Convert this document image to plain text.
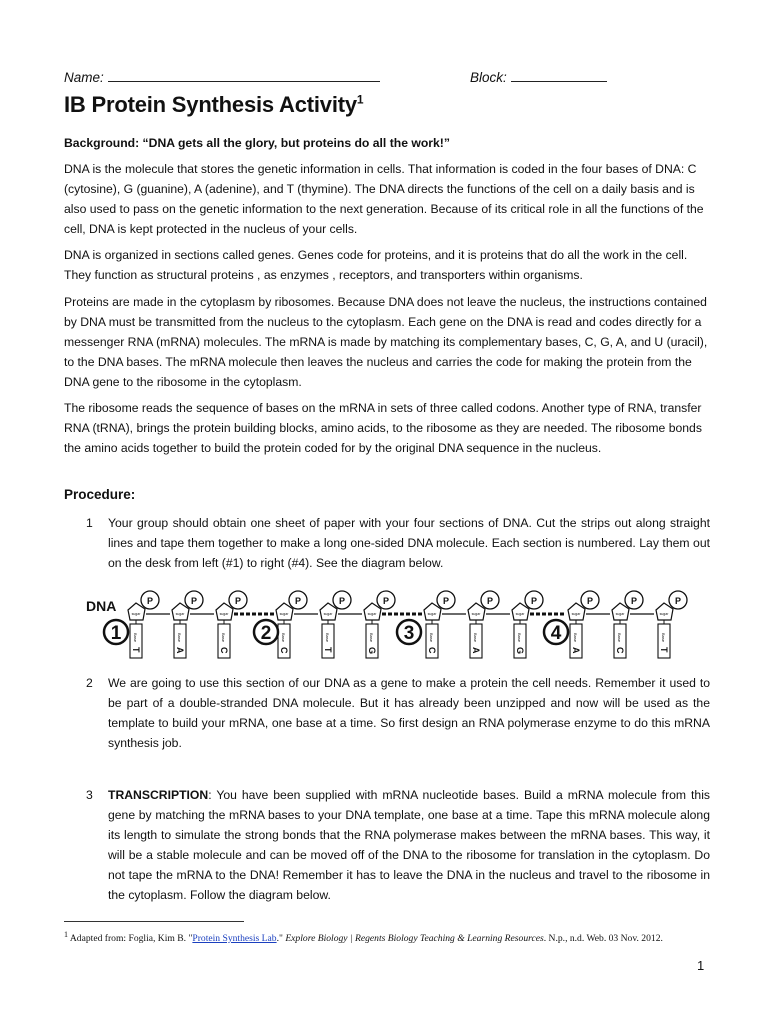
Name:	Block:
IB Protein Synthesis Activity$^1$
Background: “DNA gets all the glory, but proteins do all the work!”

DNA is the molecule that stores the genetic information in cells. That information is coded in the four bases of DNA: C (cytosine), G (guanine), A (adenine), and T (thymine). The DNA directs the functions of the cell on a daily basis and is also used to pass on the genetic information to the next generation. Because of its critical role in all the functions of the cell, DNA is kept protected in the nucleus of your cells.

DNA is organized in sections called genes. Genes code for proteins, and it is proteins that do all the work in the cell. They function as structural proteins , as enzymes , receptors, and transporters within organisms.

Proteins are made in the cytoplasm by ribosomes. Because DNA does not leave the nucleus, the instructions contained by DNA must be transmitted from the nucleus to the cytoplasm. Each gene on the DNA is read and codes directly for a messenger RNA (mRNA) molecules. The mRNA is made by matching its complementary bases, C, G, A, and U (uracil), to the DNA bases. The mRNA molecule then leaves the nucleus and carries the code for making the protein from the DNA gene to the ribosome in the cytoplasm.

The ribosome reads the sequence of bases on the mRNA in sets of three called codons. Another type of RNA, transfer RNA (tRNA), brings the protein building blocks, amino acids, to the ribosome as they are needed. The ribosome bonds the amino acids together to build the protein coded for by the original DNA sequence in the nucleus.

Procedure:
1 Your group should obtain one sheet of paper with your four sections of DNA. Cut the strips out along straight lines and tape them together to make a long one-sided DNA molecule. Each section is numbered. Lay them out on the desk from left (#1) to right (#4). See the diagram below.
DNA	P
sugar
Base
T
P
sugar
Base
A
P
sugar
Base
C
P
sugar
Base
C
P
sugar
Base
T
P
sugar
Base
G
P
sugar
Base
C
P
sugar
Base
A
P
sugar
Base
G
P
sugar
Base
A
P
sugar
Base
C
P
sugar
Base
T
1	2	3	4
2 We are going to use this section of our DNA as a gene to make a protein the cell needs. Remember it used to be part of a double-stranded DNA molecule. But it has already been unzipped and now will be used as the template to build your mRNA, one base at a time. So first design an RNA polymerase enzyme to do this mRNA synthesis job.
3 TRANSCRIPTION: You have been supplied with mRNA nucleotide bases. Build a mRNA molecule from this gene by matching the mRNA bases to your DNA template, one base at a time. Tape this mRNA molecule along its length to simulate the strong bonds that the RNA polymerase makes between the mRNA bases. This way, it will be a stable molecule and can be moved off of the DNA to the ribosome for translation in the cytoplasm. Do not tape the mRNA to the DNA! Remember it has to leave the DNA in the nucleus and travel to the ribosome in the cytoplasm. Follow the diagram below.
$^1$ Adapted from: Foglia, Kim B. "Protein Synthesis Lab." Explore Biology | Regents Biology Teaching & Learning Resources. N.p., n.d. Web. 03 Nov. 2012.
1
